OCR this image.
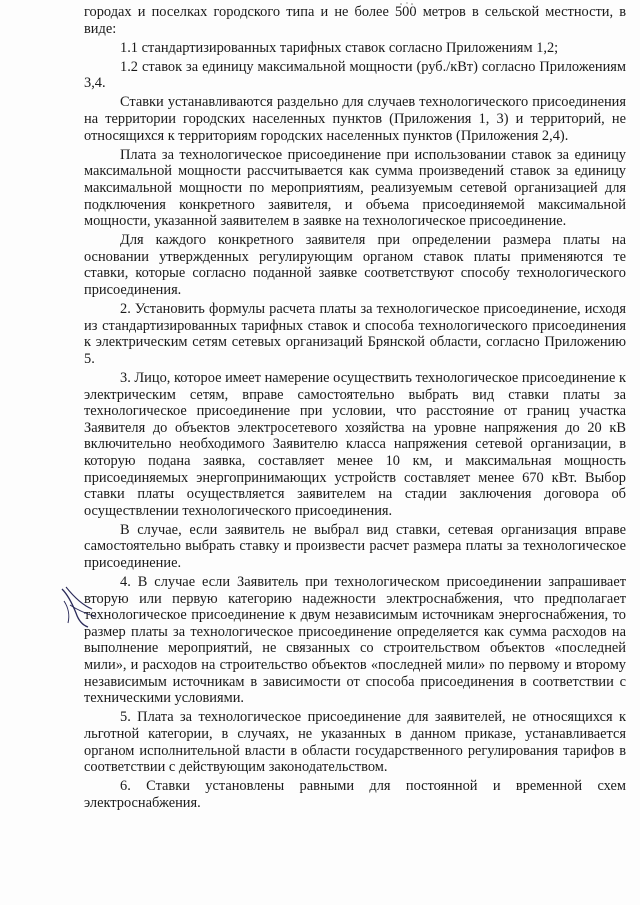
городах и поселках городского типа и не более 500 метров в сельской местности, в виде:

1.1 стандартизированных тарифных ставок согласно Приложениям 1,2;

1.2 ставок за единицу максимальной мощности (руб./кВт) согласно Приложениям 3,4.

Ставки устанавливаются раздельно для случаев технологического присоединения на территории городских населенных пунктов (Приложения 1, 3) и территорий, не относящихся к территориям городских населенных пунктов (Приложения 2,4).

Плата за технологическое присоединение при использовании ставок за единицу максимальной мощности рассчитывается как сумма произведений ставок за единицу максимальной мощности по мероприятиям, реализуемым сетевой организацией для подключения конкретного заявителя, и объема присоединяемой максимальной мощности, указанной заявителем в заявке на технологическое присоединение.

Для каждого конкретного заявителя при определении размера платы на основании утвержденных регулирующим органом ставок платы применяются те ставки, которые согласно поданной заявке соответствуют способу технологического присоединения.

2. Установить формулы расчета платы за технологическое присоединение, исходя из стандартизированных тарифных ставок и способа технологического присоединения к электрическим сетям сетевых организаций Брянской области, согласно Приложению 5.

3. Лицо, которое имеет намерение осуществить технологическое присоединение к электрическим сетям, вправе самостоятельно выбрать вид ставки платы за технологическое присоединение при условии, что расстояние от границ участка Заявителя до объектов электросетевого хозяйства на уровне напряжения до 20 кВ включительно необходимого Заявителю класса напряжения сетевой организации, в которую подана заявка, составляет менее 10 км, и максимальная мощность присоединяемых энергопринимающих устройств составляет менее 670 кВт. Выбор ставки платы осуществляется заявителем на стадии заключения договора об осуществлении технологического присоединения.

В случае, если заявитель не выбрал вид ставки, сетевая организация вправе самостоятельно выбрать ставку и произвести расчет размера платы за технологическое присоединение.

4. В случае если Заявитель при технологическом присоединении запрашивает вторую или первую категорию надежности электроснабжения, что предполагает технологическое присоединение к двум независимым источникам энергоснабжения, то размер платы за технологическое присоединение определяется как сумма расходов на выполнение мероприятий, не связанных со строительством объектов «последней мили», и расходов на строительство объектов «последней мили» по первому и второму независимым источникам в зависимости от способа присоединения в соответствии с техническими условиями.

5. Плата за технологическое присоединение для заявителей, не относящихся к льготной категории, в случаях, не указанных в данном приказе, устанавливается органом исполнительной власти в области государственного регулирования тарифов в соответствии с действующим законодательством.

6. Ставки установлены равными для постоянной и временной схем электроснабжения.
